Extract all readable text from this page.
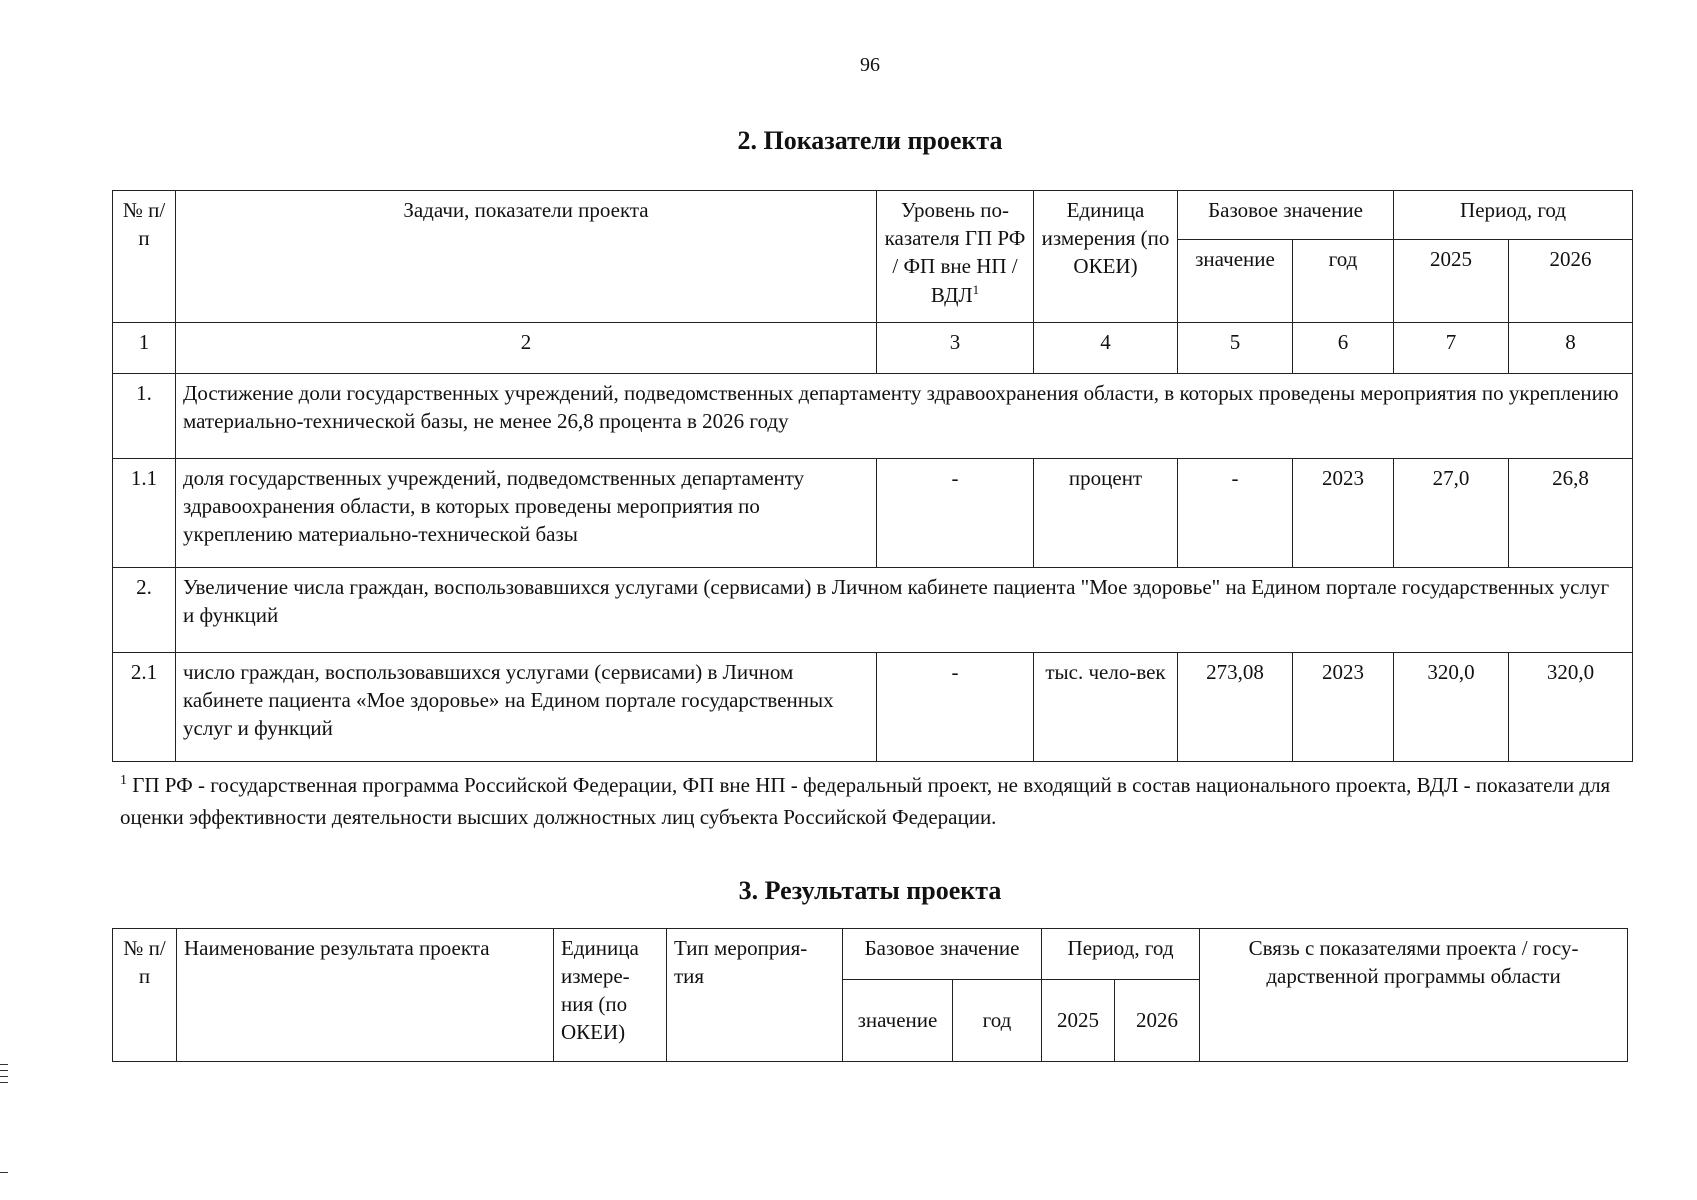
96
2. Показатели проекта
№ п/п	Задачи, показатели проекта	Уровень по-казателя ГП РФ / ФП вне НП / ВДЛ$^1$	Единица измерения (по ОКЕИ)	Базовое значение		Период, год	
				значение	год	2025	2026
1	2	3	4	5	6	7	8
1.	Достижение доли государственных учреждений, подведомственных департаменту здравоохранения области, в которых проведены мероприятия по укреплению материально-технической базы, не менее 26,8 процента в 2026 году						
1.1	доля государственных учреждений, подведомственных департаменту здравоохранения области, в которых проведены мероприятия по укреплению материально-технической базы	-	процент	-	2023	27,0	26,8
2.	Увеличение числа граждан, воспользовавшихся услугами (сервисами) в Личном кабинете пациента "Мое здоровье" на Едином портале государственных услуг и функций						
2.1	число граждан, воспользовавшихся услугами (сервисами) в Личном кабинете пациента «Мое здоровье» на Едином портале государственных услуг и функций	-	тыс. чело-век	273,08	2023	320,0	320,0
$^1$ ГП РФ - государственная программа Российской Федерации, ФП вне НП - федеральный проект, не входящий в состав национального проекта, ВДЛ - показатели для оценки эффективности деятельности высших должностных лиц субъекта Российской Федерации.
3. Результаты проекта
№ п/п	Наименование результата проекта	Единица измере-ния (по ОКЕИ)	Тип мероприя-тия	Базовое значение		Период, год		Связь с показателями проекта / госу-дарственной программы области
				значение	год	2025	2026	
